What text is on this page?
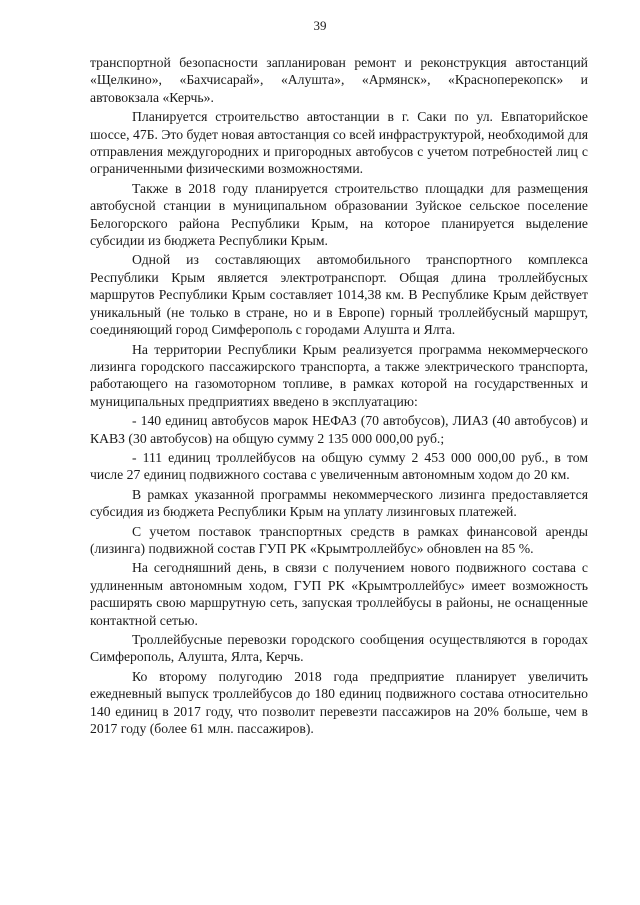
39

транспортной безопасности запланирован ремонт и реконструкция автостанций «Щелкино», «Бахчисарай», «Алушта», «Армянск», «Красноперекопск» и автовокзала «Керчь».

Планируется строительство автостанции в г. Саки по ул. Евпаторийское шоссе, 47Б. Это будет новая автостанция со всей инфраструктурой, необходимой для отправления междугородних и пригородных автобусов с учетом потребностей лиц с ограниченными физическими возможностями.

Также в 2018 году планируется строительство площадки для размещения автобусной станции в муниципальном образовании Зуйское сельское поселение Белогорского района Республики Крым, на которое планируется выделение субсидии из бюджета Республики Крым.

Одной из составляющих автомобильного транспортного комплекса Республики Крым является электротранспорт. Общая длина троллейбусных маршрутов Республики Крым составляет 1014,38 км. В Республике Крым действует уникальный (не только в стране, но и в Европе) горный троллейбусный маршрут, соединяющий город Симферополь с городами Алушта и Ялта.

На территории Республики Крым реализуется программа некоммерческого лизинга городского пассажирского транспорта, а также электрического транспорта, работающего на газомоторном топливе, в рамках которой на государственных и муниципальных предприятиях введено в эксплуатацию:

- 140 единиц автобусов марок НЕФАЗ (70 автобусов), ЛИАЗ (40 автобусов) и КАВЗ (30 автобусов) на общую сумму 2 135 000 000,00 руб.;

- 111 единиц троллейбусов на общую сумму 2 453 000 000,00 руб., в том числе 27 единиц подвижного состава с увеличенным автономным ходом до 20 км.

В рамках указанной программы некоммерческого лизинга предоставляется субсидия из бюджета Республики Крым на уплату лизинговых платежей.

С учетом поставок транспортных средств в рамках финансовой аренды (лизинга) подвижной состав ГУП РК «Крымтроллейбус» обновлен на 85 %.

На сегодняшний день, в связи с получением нового подвижного состава с удлиненным автономным ходом, ГУП РК «Крымтроллейбус» имеет возможность расширять свою маршрутную сеть, запуская троллейбусы в районы, не оснащенные контактной сетью.

Троллейбусные перевозки городского сообщения осуществляются в городах Симферополь, Алушта, Ялта, Керчь.

Ко второму полугодию 2018 года предприятие планирует увеличить ежедневный выпуск троллейбусов до 180 единиц подвижного состава относительно 140 единиц в 2017 году, что позволит перевезти пассажиров на 20% больше, чем в 2017 году (более 61 млн. пассажиров).
